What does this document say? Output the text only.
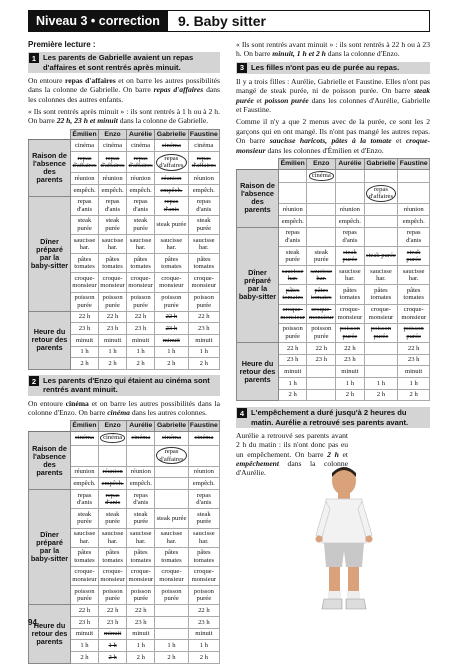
Niveau 3 • correction	9. Baby sitter
Première lecture :
1 Les parents de Gabrielle avaient un repas d'affaires et sont rentrés après minuit.

On entoure repas d'affaires et on barre les autres possibilités dans la colonne de Gabrielle. On barre repas d'affaires dans les colonnes des autres enfants.

« Ils sont rentrés après minuit » : ils sont rentrés à 1 h ou à 2 h. On barre 22 h, 23 h et minuit dans la colonne de Gabrielle.

	Émilien	Enzo	Aurélie	Gabrielle	Faustine
Raison de l'absence des parents	cinéma	cinéma	cinéma	cinéma	cinéma
	repas d'affaires	repas d'affaires	repas d'affaires	repas d'affaires	repas d'affaires
	réunion	réunion	réunion	réunion	réunion
	empêch.	empêch.	empêch.	empêch.	empêch.
Dîner préparé par la baby-sitter	repas d'anis	repas d'anis	repas d'anis	repas d'anis	repas d'anis
	steak purée	steak purée	steak purée	steak purée	steak purée
	saucisse har.	saucisse har.	saucisse har.	saucisse har.	saucisse har.
	pâtes tomates	pâtes tomates	pâtes tomates	pâtes tomates	pâtes tomates
	croque-monsieur	croque-monsieur	croque-monsieur	croque-monsieur	croque-monsieur
	poisson purée	poisson purée	poisson purée	poisson purée	poisson purée
Heure du retour des parents	22 h	22 h	22 h	22 h	22 h
	23 h	23 h	23 h	23 h	23 h
	minuit	minuit	minuit	minuit	minuit
	1 h	1 h	1 h	1 h	1 h
	2 h	2 h	2 h	2 h	2 h
2 Les parents d'Enzo qui étaient au cinéma sont rentrés avant minuit.

On entoure cinéma et on barre les autres possibilités dans la colonne d'Enzo. On barre cinéma dans les autres colonnes.

	Émilien	Enzo	Aurélie	Gabrielle	Faustine
Raison de l'absence des parents	cinéma	cinéma	cinéma	cinéma	cinéma
				repas d'affaires	
	réunion	réunion	réunion		réunion
	empêch.	empêch.	empêch.		empêch.
Dîner préparé par la baby-sitter	repas d'anis	repas d'anis	repas d'anis		repas d'anis
	steak purée	steak purée	steak purée	steak purée	steak purée
	saucisse har.	saucisse har.	saucisse har.	saucisse har.	saucisse har.
	pâtes tomates	pâtes tomates	pâtes tomates	pâtes tomates	pâtes tomates
	croque-monsieur	croque-monsieur	croque-monsieur	croque-monsieur	croque-monsieur
	poisson purée	poisson purée	poisson purée	poisson purée	poisson purée
Heure du retour des parents	22 h	22 h	22 h		22 h
	23 h	23 h	23 h		23 h
	minuit	minuit	minuit		minuit
	1 h	1 h	1 h	1 h	1 h
	2 h	2 h	2 h	2 h	2 h

« Ils sont rentrés avant minuit » : ils sont rentrés à 22 h ou à 23 h. On barre minuit, 1 h et 2 h dans la colonne d'Enzo.

3 Les filles n'ont pas eu de purée au repas.

Il y a trois filles : Aurélie, Gabrielle et Faustine. Elles n'ont pas mangé de steak purée, ni de poisson purée. On barre steak purée et poisson purée dans les colonnes d'Aurélie, Gabrielle et Faustine.

Comme il n'y a que 2 menus avec de la purée, ce sont les 2 garçons qui en ont mangé. Ils n'ont pas mangé les autres repas. On barre saucisse haricots, pâtes à la tomate et croque-monsieur dans les colonnes d'Émilien et d'Enzo.

	Émilien	Enzo	Aurélie	Gabrielle	Faustine
Raison de l'absence des parents		cinéma			
				repas d'affaires	
	réunion		réunion		réunion
	empêch.		empêch.		empêch.
Dîner préparé par la baby-sitter	repas d'anis		repas d'anis		repas d'anis
	steak purée	steak purée	steak purée	steak purée	steak purée
	saucisse har.	saucisse har.	saucisse har.	saucisse har.	saucisse har.
	pâtes tomates	pâtes tomates	pâtes tomates	pâtes tomates	pâtes tomates
	croque-monsieur	croque-monsieur	croque-monsieur	croque-monsieur	croque-monsieur
	poisson purée	poisson purée	poisson purée	poisson purée	poisson purée
Heure du retour des parents	22 h	22 h	22 h		22 h
	23 h	23 h	23 h		23 h
	minuit		minuit		minuit
	1 h		1 h	1 h	1 h
	2 h		2 h	2 h	2 h
4 L'empêchement a duré jusqu'à 2 heures du matin. Aurélie a retrouvé ses parents avant.

Aurélie a retrouvé ses parents avant 2 h du matin : ils n'ont donc pas eu un empêchement. On barre 2 h et empêchement dans la colonne d'Aurélie.

94
